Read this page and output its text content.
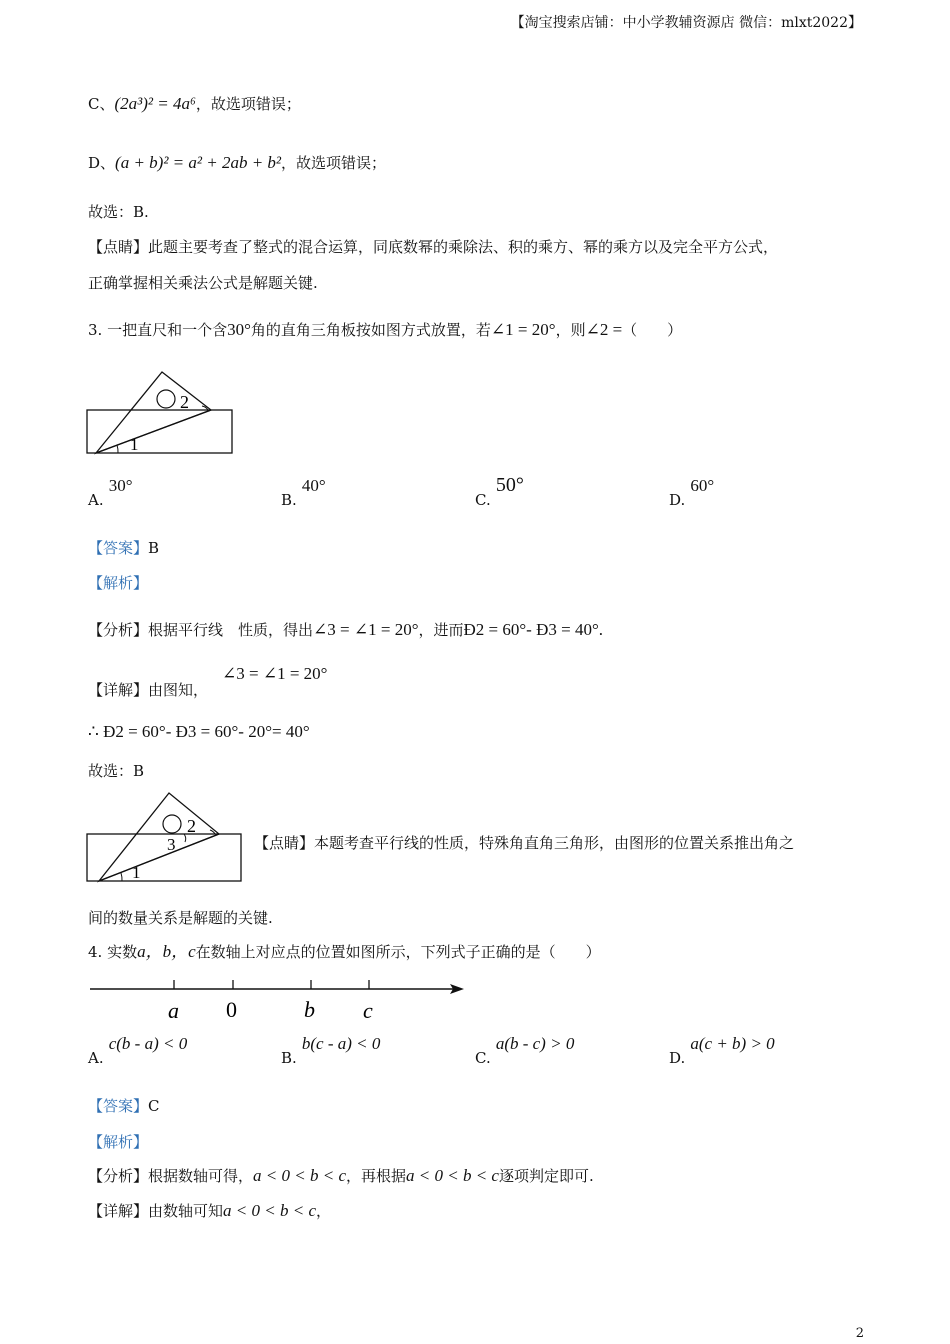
【淘宝搜索店铺：中小学教辅资源店 微信：mlxt2022】
C、(2a³)² = 4a⁶，故选项错误；
D、(a + b)² = a² + 2ab + b²，故选项错误；
故选：B.
【点睛】此题主要考查了整式的混合运算，同底数幂的乘除法、积的乘方、幂的乘方以及完全平方公式，
正确掌握相关乘法公式是解题关键.
3. 一把直尺和一个含30°角的直角三角板按如图方式放置，若∠1 = 20°，则∠2 =（　　）
2
1
A. 30°
B. 40°
C. 50°
D. 60°
【答案】B
【解析】
【分析】根据平行线　性质，得出∠3 = ∠1 = 20°，进而Ð2 = 60°- Ð3 = 40°.
【详解】由图知，
∠3 = ∠1 = 20°
∴ Ð2 = 60°- Ð3 = 60°- 20°= 40°
故选：B
2
3
1
【点睛】本题考查平行线的性质，特殊角直角三角形，由图形的位置关系推出角之
间的数量关系是解题的关键.
4. 实数a，b，c在数轴上对应点的位置如图所示，下列式子正确的是（　　）
a 0	b c
A. c(b - a) < 0
B. b(c - a) < 0
C. a(b - c) > 0
D. a(c + b) > 0
【答案】C
【解析】
【分析】根据数轴可得，a < 0 < b < c，再根据a < 0 < b < c逐项判定即可.
【详解】由数轴可知a < 0 < b < c，
2
